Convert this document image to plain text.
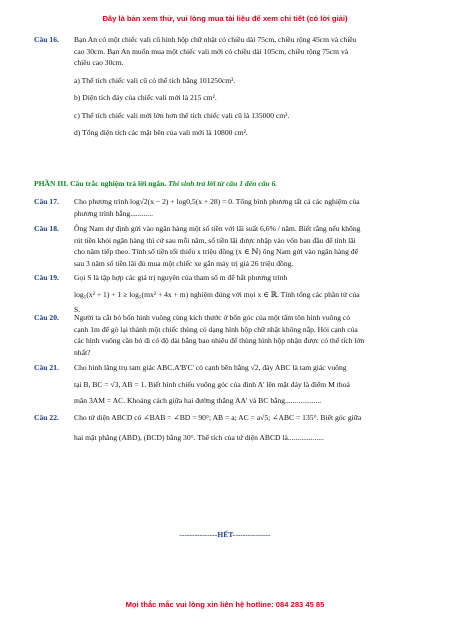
Đây là bản xem thử, vui lòng mua tài liệu để xem chi tiết (có lời giải)
Câu 16.	Bạn An có một chiếc vali cũ hình hộp chữ nhật có chiều dài 75cm, chiều rộng 45cm và chiều
cao 30cm. Bạn An muốn mua một chiếc vali mới có chiều dài 105cm, chiều rộng 75cm và
chiều cao 30cm.
a) Thể tích chiếc vali cũ có thể tích bằng 101250cm³.
b) Diện tích đáy của chiếc vali mới là 215 cm².
c) Thể tích chiếc vali mới lớn hơn thể tích chiếc vali cũ là 135000 cm³.
d) Tổng diện tích các mặt bên của vali mới là 10800 cm².
PHẦN III. Câu trắc nghiệm trả lời ngắn. Thí sinh trả lời từ câu 1 đến câu 6.
Câu 17.	Cho phương trình log√2(x − 2) + log0,5(x + 28) = 0. Tổng bình phương tất cả các nghiệm của
phương trình bằng............
Câu 18.	Ông Nam dự định gửi vào ngân hàng một số tiền với lãi suất 6,6% / năm. Biết rằng nếu không
rút tiền khỏi ngân hàng thì cứ sau mỗi năm, số tiền lãi được nhập vào vốn ban đầu để tính lãi
cho năm tiếp theo. Tính số tiền tối thiểu x triệu đồng (x ∈ ℕ) ông Nam gửi vào ngân hàng để
sau 3 năm số tiền lãi đủ mua một chiếc xe gắn máy trị giá 26 triệu đồng.
Câu 19.	Gọi S là tập hợp các giá trị nguyên của tham số m để bất phương trình
log₅(x² + 1) + 1 ≥ log₅(mx² + 4x + m) nghiệm đúng với mọi x ∈ ℝ. Tính tổng các phần tử của
S.
Câu 20.	Người ta cắt bỏ bốn hình vuông cùng kích thước ở bốn góc của một tấm tôn hình vuông có
cạnh 1m để gò lại thành một chiếc thùng có dạng hình hộp chữ nhật không nắp. Hỏi cạnh của
các hình vuông cần bỏ đi có độ dài bằng bao nhiêu để thùng hình hộp nhận được có thể tích lớn
nhất?
Câu 21.	Cho hình lăng trụ tam giác ABC.A'B'C' có cạnh bên bằng √2, đáy ABC là tam giác vuông
tại B, BC = √3, AB = 1. Biết hình chiếu vuông góc của đỉnh A' lên mặt đáy là điểm M thoả
mãn 3AM = AC. Khoảng cách giữa hai đường thẳng AA' và BC bằng...................
Câu 22.	Cho tứ diện ABCD có ∠BAB = ∠BD = 90°; AB = a; AC = a√5; ∠ABC = 135°. Biết góc giữa
hai mặt phẳng (ABD), (BCD) bằng 30°. Thể tích của tứ diện ABCD là...................
---------------HẾT---------------
Mọi thắc mắc vui lòng xin liên hệ hotline: 084 283 45 85
